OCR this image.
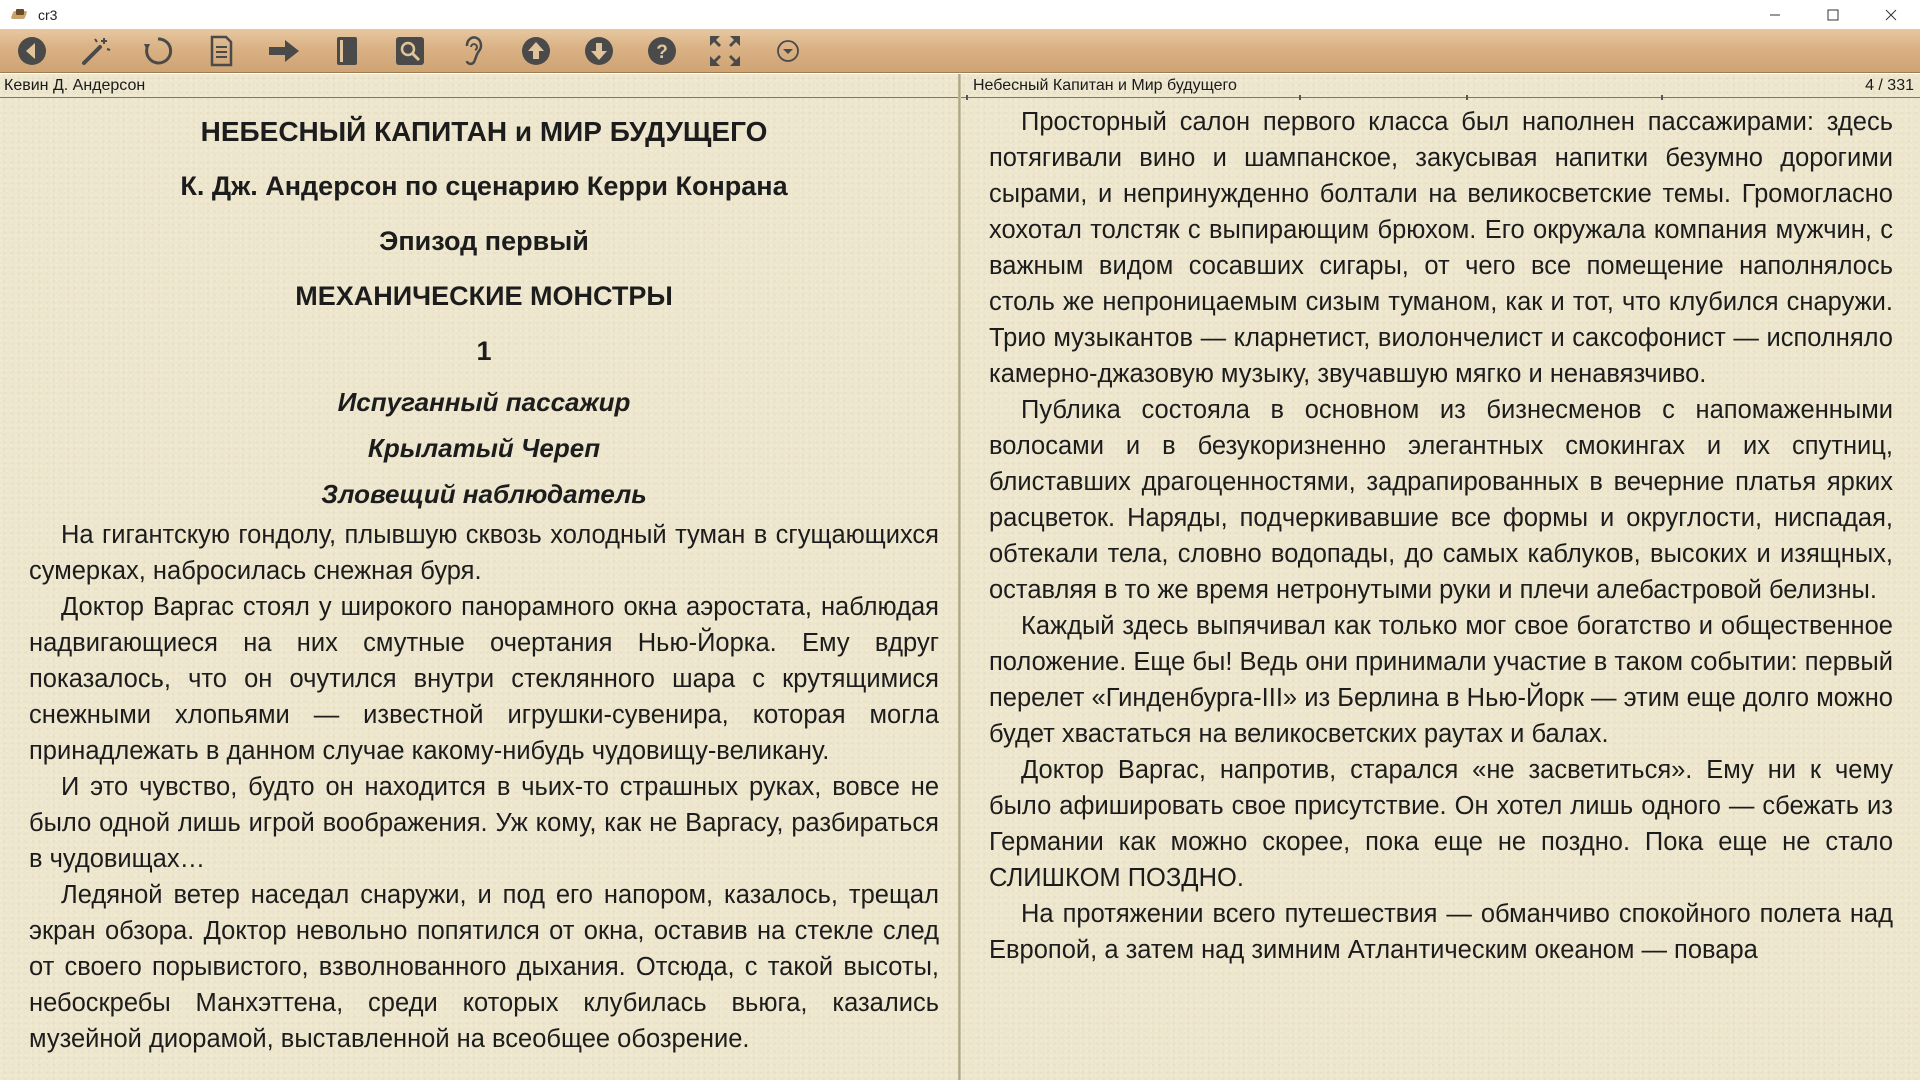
cr3
?
Кевин Д. Андерсон
НЕБЕСНЫЙ КАПИТАН и МИР БУДУЩЕГО
К. Дж. Андерсон по сценарию Керри Конрана
Эпизод первый
МЕХАНИЧЕСКИЕ МОНСТРЫ
1
Испуганный пассажир
Крылатый Череп
Зловещий наблюдатель

На гигантскую гондолу, плывшую сквозь холодный туман в сгущающихся сумерках, набросилась снежная буря.

Доктор Варгас стоял у широкого панорамного окна аэростата, наблюдая надвигающиеся на них смутные очертания Нью-Йорка. Ему вдруг показалось, что он очутился внутри стеклянного шара с крутящимися снежными хлопьями — известной игрушки-сувенира, которая могла принадлежать в данном случае какому-нибудь чудовищу-великану.

И это чувство, будто он находится в чьих-то страшных руках, вовсе не было одной лишь игрой воображения. Уж кому, как не Варгасу, разбираться в чудовищах…

Ледяной ветер наседал снаружи, и под его напором, казалось, трещал экран обзора. Доктор невольно попятился от окна, оставив на стекле след от своего порывистого, взволнованного дыхания. Отсюда, с такой высоты, небоскребы Манхэттена, среди которых клубилась вьюга, казались музейной диорамой, выставленной на всеобщее обозрение.

Небесный Капитан и Мир будущего	4 / 331

Просторный салон первого класса был наполнен пассажирами: здесь потягивали вино и шампанское, закусывая напитки безумно дорогими сырами, и непринужденно болтали на великосветские темы. Громогласно хохотал толстяк с выпирающим брюхом. Его окружала компания мужчин, с важным видом сосавших сигары, от чего все помещение наполнялось столь же непроницаемым сизым туманом, как и тот, что клубился снаружи. Трио музыкантов — кларнетист, виолончелист и саксофонист — исполняло камерно-джазовую музыку, звучавшую мягко и ненавязчиво.

Публика состояла в основном из бизнесменов с напомаженными волосами и в безукоризненно элегантных смокингах и их спутниц, блиставших драгоценностями, задрапированных в вечерние платья ярких расцветок. Наряды, подчеркивавшие все формы и округлости, ниспадая, обтекали тела, словно водопады, до самых каблуков, высоких и изящных, оставляя в то же время нетронутыми руки и плечи алебастровой белизны.

Каждый здесь выпячивал как только мог свое богатство и общественное положение. Еще бы! Ведь они принимали участие в таком событии: первый перелет «Гинденбурга-III» из Берлина в Нью-Йорк — этим еще долго можно будет хвастаться на великосветских раутах и балах.

Доктор Варгас, напротив, старался «не засветиться». Ему ни к чему было афишировать свое присутствие. Он хотел лишь одного — сбежать из Германии как можно скорее, пока еще не поздно. Пока еще не стало СЛИШКОМ ПОЗДНО.

На протяжении всего путешествия — обманчиво спокойного полета над Европой, а затем над зимним Атлантическим океаном — повара
